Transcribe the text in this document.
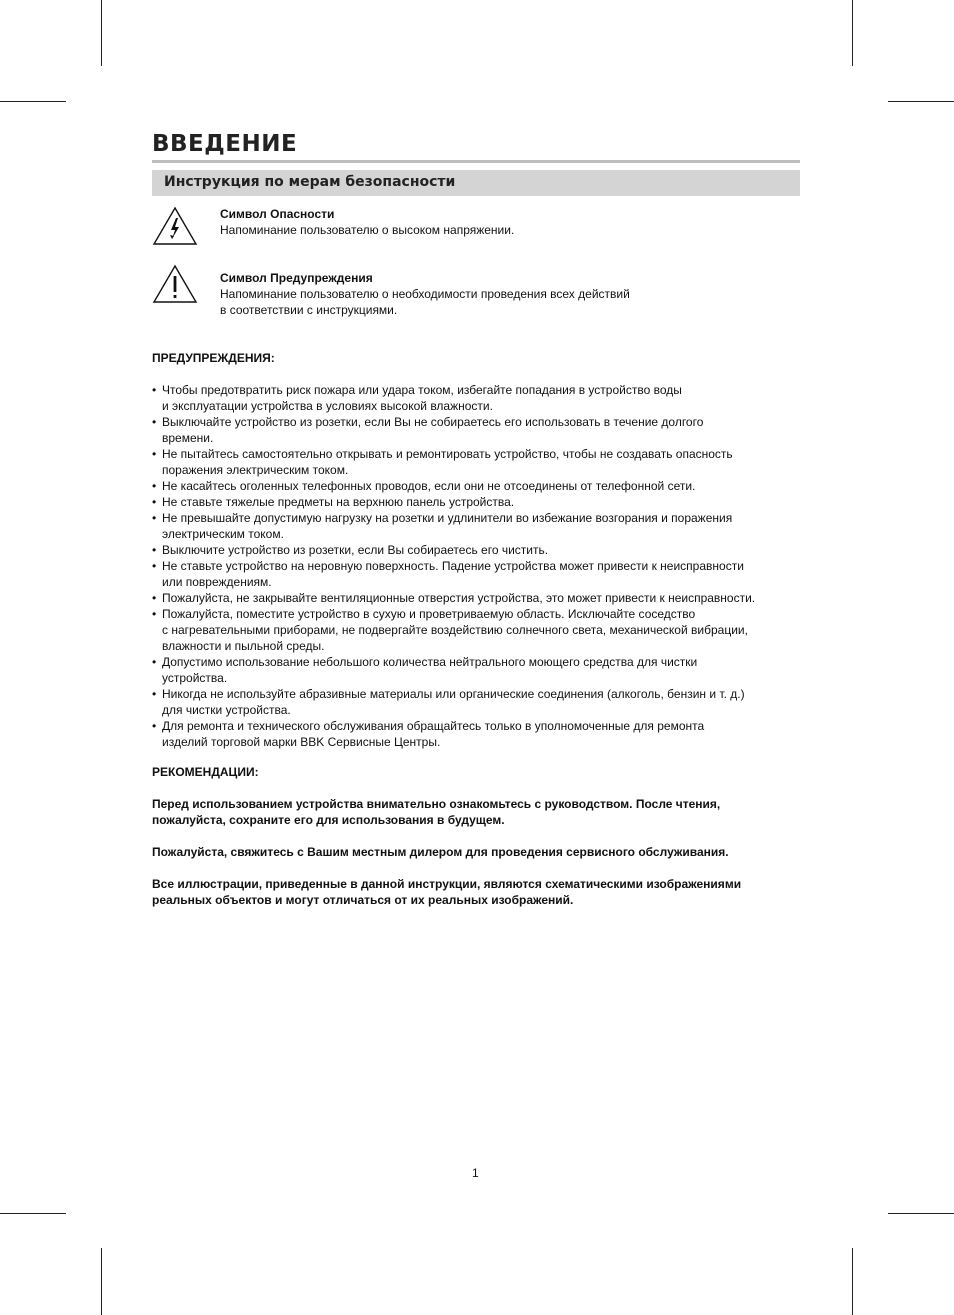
ВВЕДЕНИЕ
Инструкция по мерам безопасности
Символ Опасности
Напоминание пользователю о высоком напряжении.
Символ Предупреждения
Напоминание пользователю о необходимости проведения всех действий
в соответствии с инструкциями.
ПРЕДУПРЕЖДЕНИЯ:
• Чтобы предотвратить риск пожара или удара током, избегайте попадания в устройство воды
и эксплуатации устройства в условиях высокой влажности.
• Выключайте устройство из розетки, если Вы не собираетесь его использовать в течение долгого
времени.
• Не пытайтесь самостоятельно открывать и ремонтировать устройство, чтобы не создавать опасность
поражения электрическим током.
• Не касайтесь оголенных телефонных проводов, если они не отсоединены от телефонной сети.
• Не ставьте тяжелые предметы на верхнюю панель устройства.
• Не превышайте допустимую нагрузку на розетки и удлинители во избежание возгорания и поражения
электрическим током.
• Выключите устройство из розетки, если Вы собираетесь его чистить.
• Не ставьте устройство на неровную поверхность. Падение устройства может привести к неисправности
или повреждениям.
• Пожалуйста, не закрывайте вентиляционные отверстия устройства, это может привести к неисправности.
• Пожалуйста, поместите устройство в сухую и проветриваемую область. Исключайте соседство
с нагревательными приборами, не подвергайте воздействию солнечного света, механической вибрации,
влажности и пыльной среды.
• Допустимо использование небольшого количества нейтрального моющего средства для чистки
устройства.
• Никогда не используйте абразивные материалы или органические соединения (алкоголь, бензин и т. д.)
для чистки устройства.
• Для ремонта и технического обслуживания обращайтесь только в уполномоченные для ремонта
изделий торговой марки BBK Сервисные Центры.
РЕКОМЕНДАЦИИ:
Перед использованием устройства внимательно ознакомьтесь с руководством. После чтения,
пожалуйста, сохраните его для использования в будущем.
Пожалуйста, свяжитесь с Вашим местным дилером для проведения сервисного обслуживания.
Все иллюстрации, приведенные в данной инструкции, являются схематическими изображениями
реальных объектов и могут отличаться от их реальных изображений.
1
